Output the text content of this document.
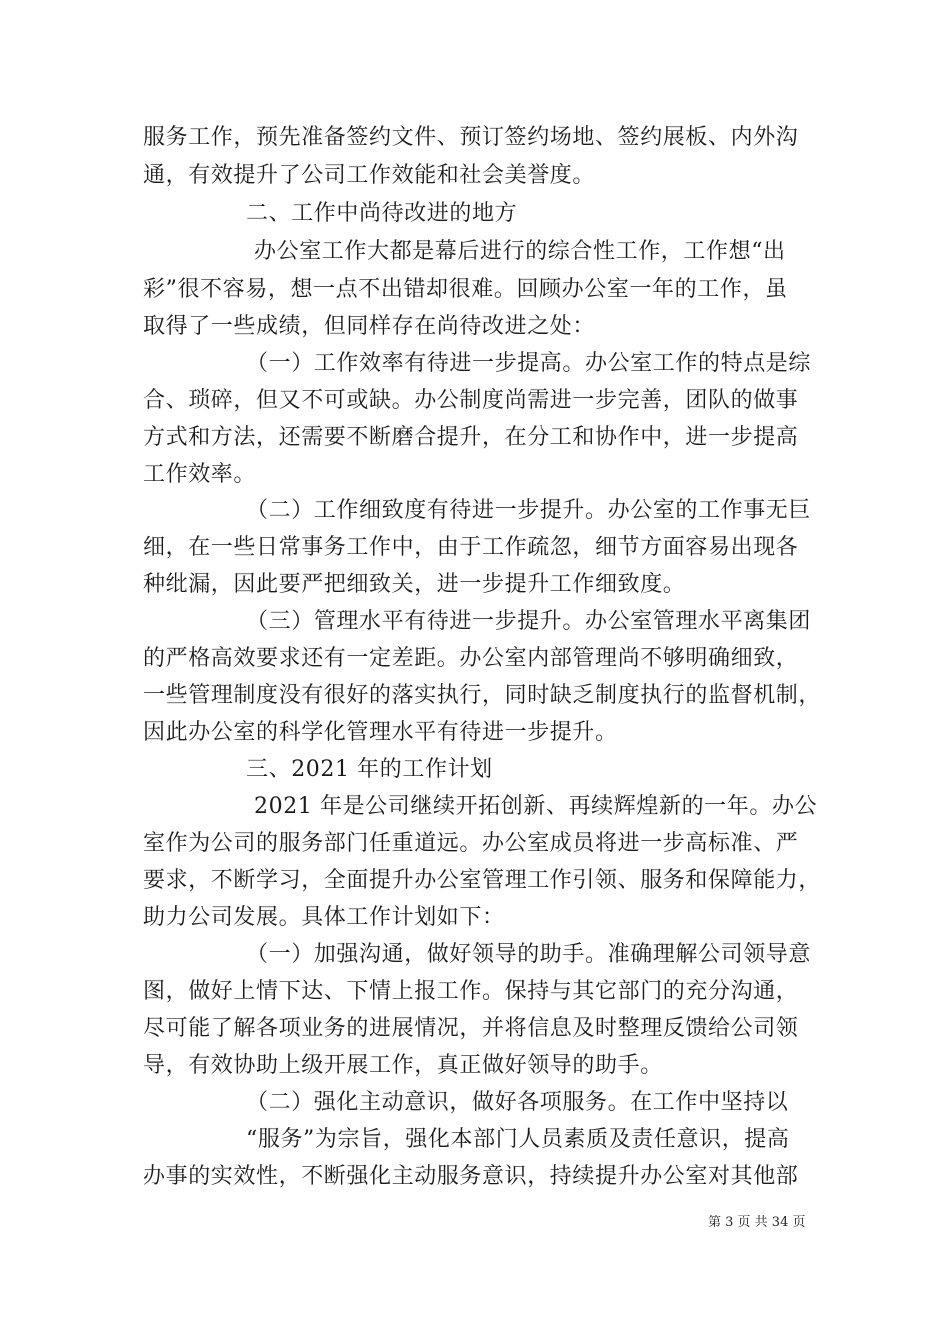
服务工作，预先准备签约文件、预订签约场地、签约展板、内外沟
通，有效提升了公司工作效能和社会美誉度。
二、工作中尚待改进的地方
办公室工作大都是幕后进行的综合性工作，工作想“出
彩”很不容易，想一点不出错却很难。回顾办公室一年的工作，虽
取得了一些成绩，但同样存在尚待改进之处：
（一）工作效率有待进一步提高。办公室工作的特点是综
合、琐碎，但又不可或缺。办公制度尚需进一步完善，团队的做事
方式和方法，还需要不断磨合提升，在分工和协作中，进一步提高
工作效率。
（二）工作细致度有待进一步提升。办公室的工作事无巨
细，在一些日常事务工作中，由于工作疏忽，细节方面容易出现各
种纰漏，因此要严把细致关，进一步提升工作细致度。
（三）管理水平有待进一步提升。办公室管理水平离集团
的严格高效要求还有一定差距。办公室内部管理尚不够明确细致，
一些管理制度没有很好的落实执行，同时缺乏制度执行的监督机制，
因此办公室的科学化管理水平有待进一步提升。
三、2021 年的工作计划
2021 年是公司继续开拓创新、再续辉煌新的一年。办公
室作为公司的服务部门任重道远。办公室成员将进一步高标准、严
要求，不断学习，全面提升办公室管理工作引领、服务和保障能力，
助力公司发展。具体工作计划如下：
（一）加强沟通，做好领导的助手。准确理解公司领导意
图，做好上情下达、下情上报工作。保持与其它部门的充分沟通，
尽可能了解各项业务的进展情况，并将信息及时整理反馈给公司领
导，有效协助上级开展工作，真正做好领导的助手。
（二）强化主动意识，做好各项服务。在工作中坚持以
“服务”为宗旨，强化本部门人员素质及责任意识，提高
办事的实效性，不断强化主动服务意识，持续提升办公室对其他部
第 3 页 共 34 页
